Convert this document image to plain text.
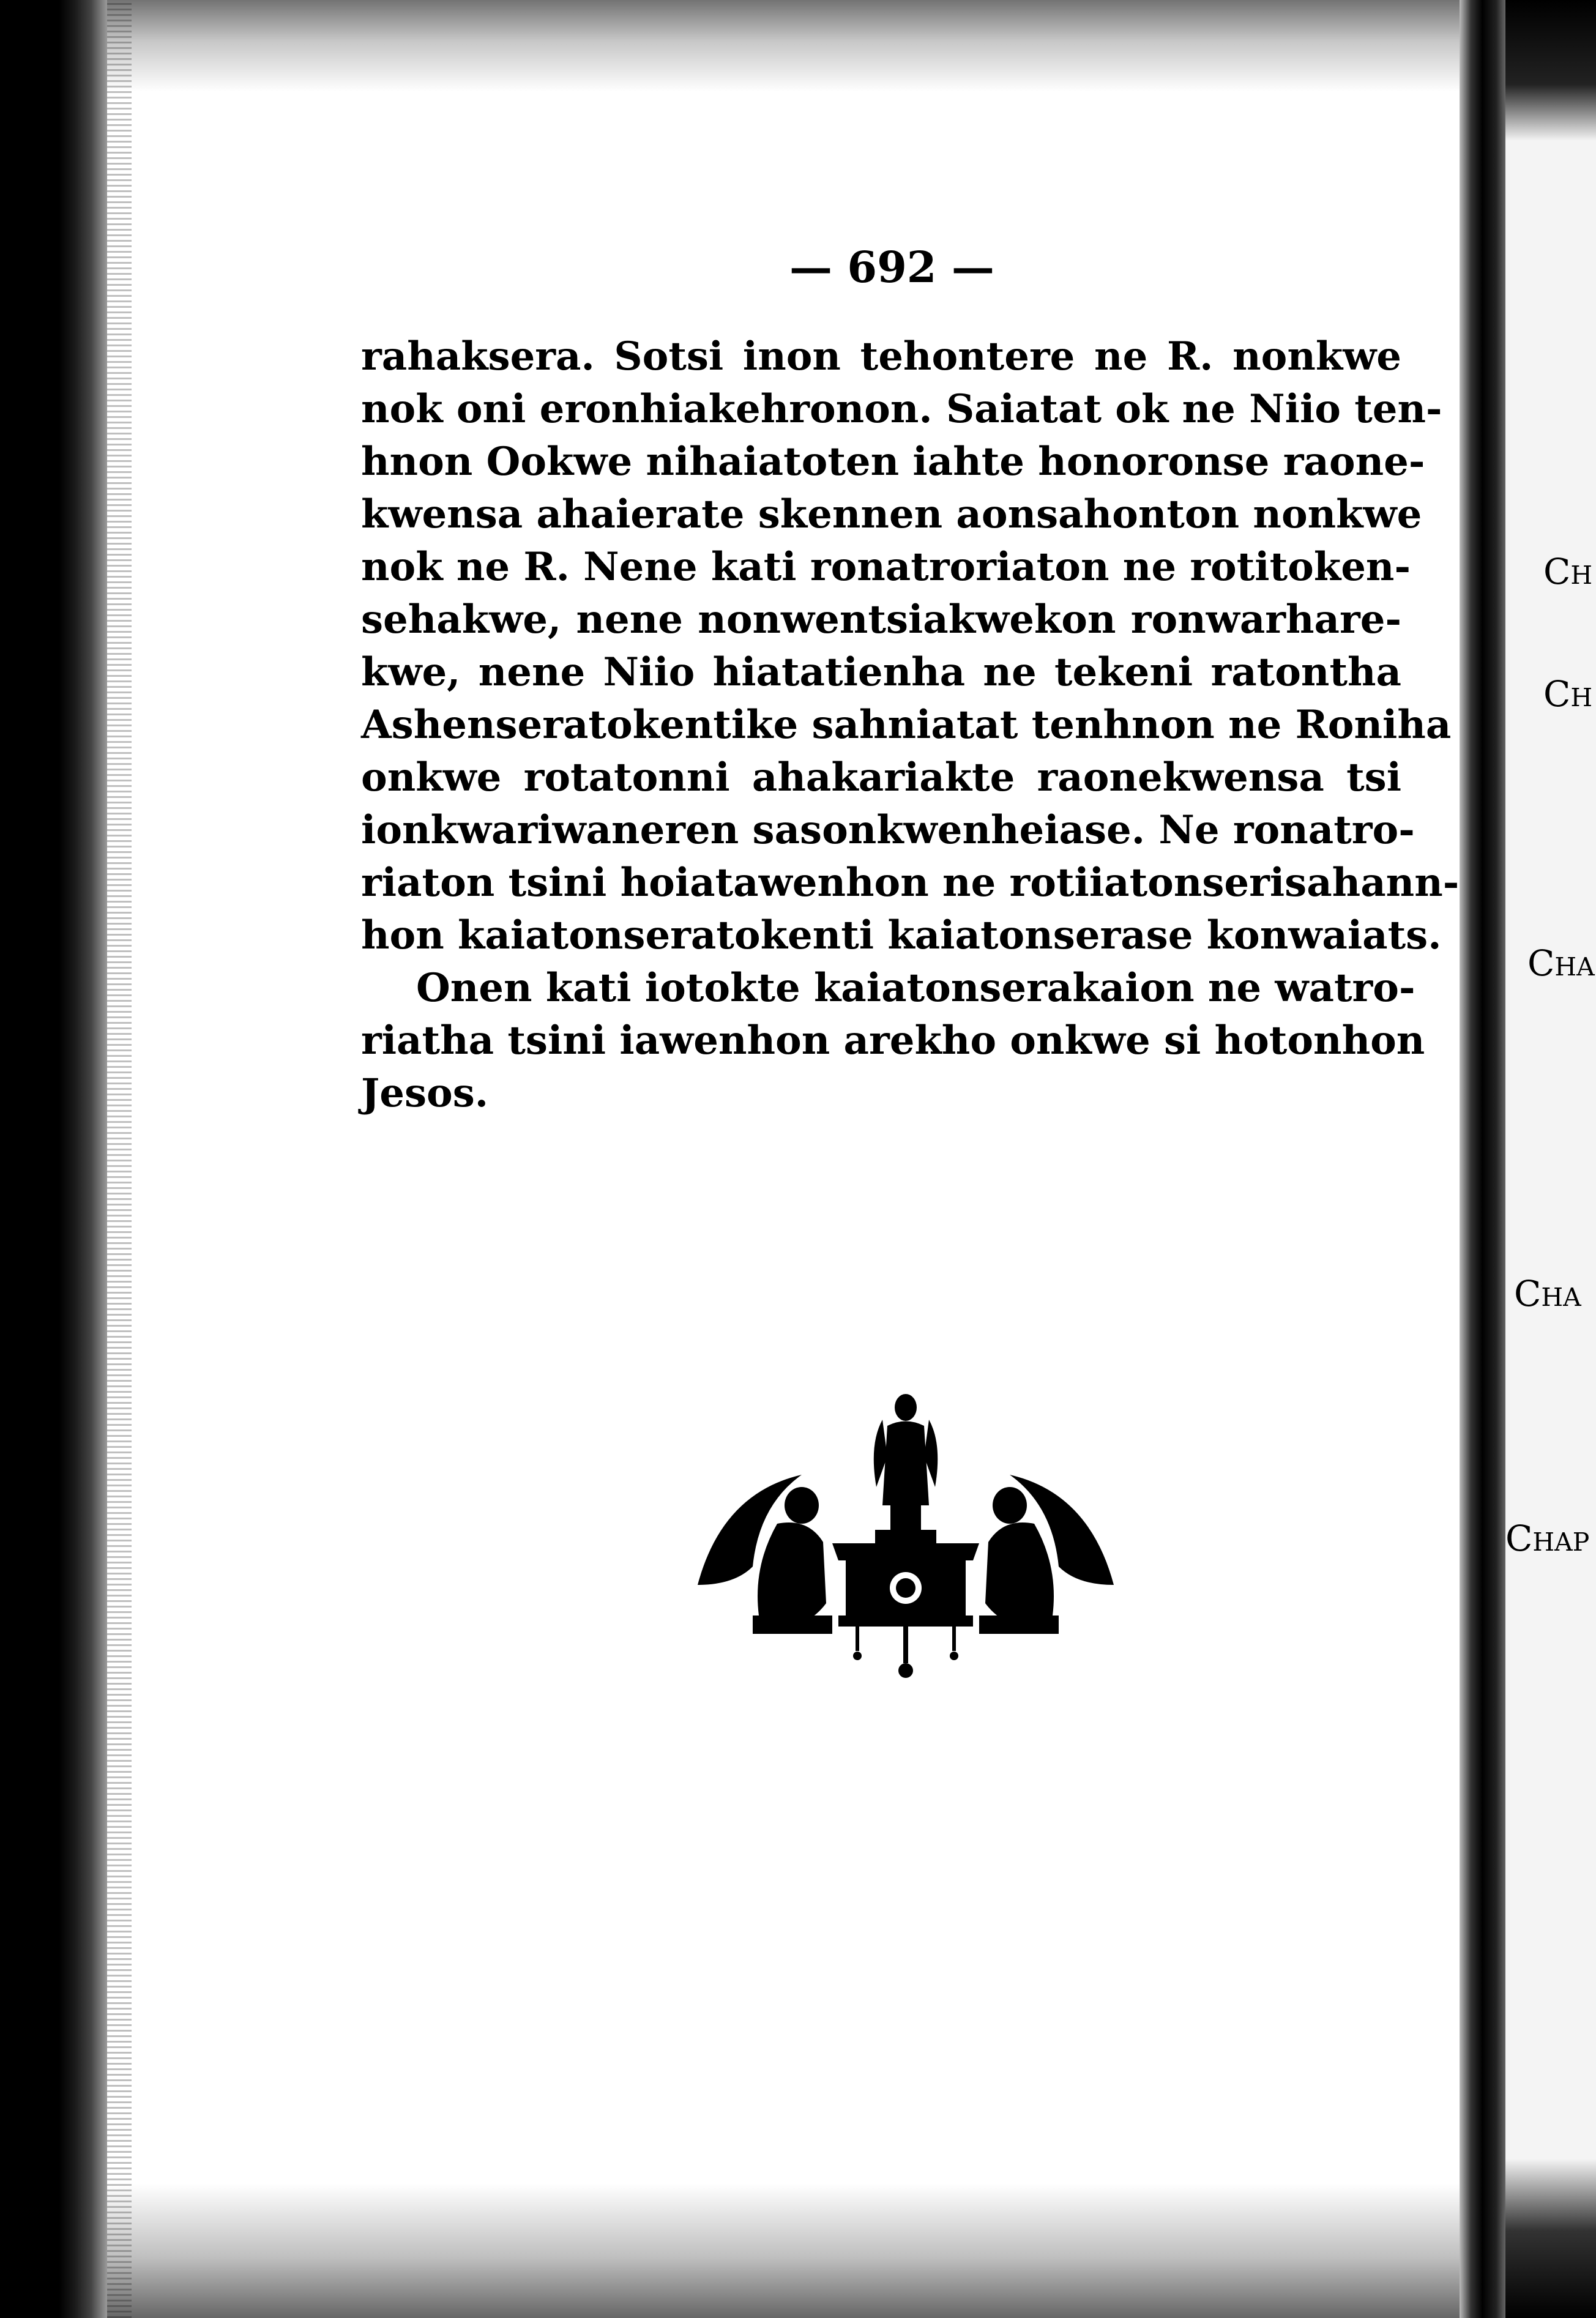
Ch
Ch
Cha
Cha
Chap
— 692 —
rahaksera. Sotsi inon tehontere ne R. nonkwe
nok oni eronhiakehronon. Saiatat ok ne Niio ten-
hnon Ookwe nihaiatoten iahte honoronse raone-
kwensa ahaierate skennen aonsahonton nonkwe
nok ne R. Nene kati ronatroriaton ne rotitoken-
sehakwe, nene nonwentsiakwekon ronwarhare-
kwe, nene Niio hiatatienha ne tekeni ratontha
Ashenseratokentike sahniatat tenhnon ne Roniha
onkwe rotatonni ahakariakte raonekwensa tsi
ionkwariwaneren sasonkwenheiase. Ne ronatro-
riaton tsini hoiatawenhon ne rotiiatonserisahann-
hon kaiatonseratokenti kaiatonserase konwaiats.
Onen kati iotokte kaiatonserakaion ne watro-
riatha tsini iawenhon arekho onkwe si hotonhon
Jesos.
